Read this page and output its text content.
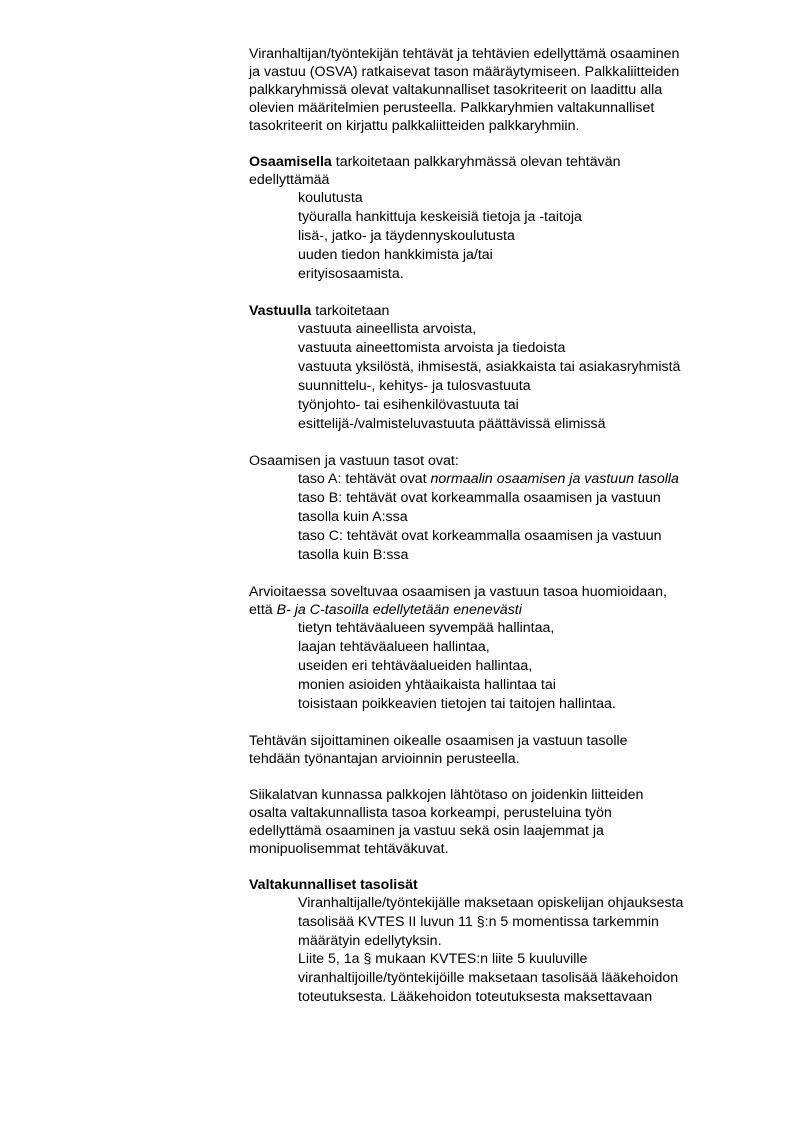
Viranhaltijan/työntekijän tehtävät ja tehtävien edellyttämä osaaminen

ja vastuu (OSVA) ratkaisevat tason määräytymiseen. Palkkaliitteiden

palkkaryhmissä olevat valtakunnalliset tasokriteerit on laadittu alla

olevien määritelmien perusteella. Palkkaryhmien valtakunnalliset

tasokriteerit on kirjattu palkkaliitteiden palkkaryhmiin.

Osaamisella tarkoitetaan palkkaryhmässä olevan tehtävän

edellyttämää

koulutusta

työuralla hankittuja keskeisiä tietoja ja -taitoja

lisä-, jatko- ja täydennyskoulutusta

uuden tiedon hankkimista ja/tai

erityisosaamista.

Vastuulla tarkoitetaan

vastuuta aineellista arvoista,

vastuuta aineettomista arvoista ja tiedoista

vastuuta yksilöstä, ihmisestä, asiakkaista tai asiakasryhmistä

suunnittelu-, kehitys- ja tulosvastuuta

työnjohto- tai esihenkilövastuuta tai

esittelijä-/valmisteluvastuuta päättävissä elimissä

Osaamisen ja vastuun tasot ovat:

taso A: tehtävät ovat normaalin osaamisen ja vastuun tasolla

taso B: tehtävät ovat korkeammalla osaamisen ja vastuun

tasolla kuin A:ssa

taso C: tehtävät ovat korkeammalla osaamisen ja vastuun

tasolla kuin B:ssa

Arvioitaessa soveltuvaa osaamisen ja vastuun tasoa huomioidaan,

että B- ja C-tasoilla edellytetään enenevästi

tietyn tehtäväalueen syvempää hallintaa,

laajan tehtäväalueen hallintaa,

useiden eri tehtäväalueiden hallintaa,

monien asioiden yhtäaikaista hallintaa tai

toisistaan poikkeavien tietojen tai taitojen hallintaa.

Tehtävän sijoittaminen oikealle osaamisen ja vastuun tasolle

tehdään työnantajan arvioinnin perusteella.

Siikalatvan kunnassa palkkojen lähtötaso on joidenkin liitteiden

osalta valtakunnallista tasoa korkeampi, perusteluina työn

edellyttämä osaaminen ja vastuu sekä osin laajemmat ja

monipuolisemmat tehtäväkuvat.

Valtakunnalliset tasolisät

Viranhaltijalle/työntekijälle maksetaan opiskelijan ohjauksesta

tasolisää KVTES II luvun 11 §:n 5 momentissa tarkemmin

määrätyin edellytyksin.

Liite 5, 1a § mukaan KVTES:n liite 5 kuuluville

viranhaltijoille/työntekijöille maksetaan tasolisää lääkehoidon

toteutuksesta. Lääkehoidon toteutuksesta maksettavaan
